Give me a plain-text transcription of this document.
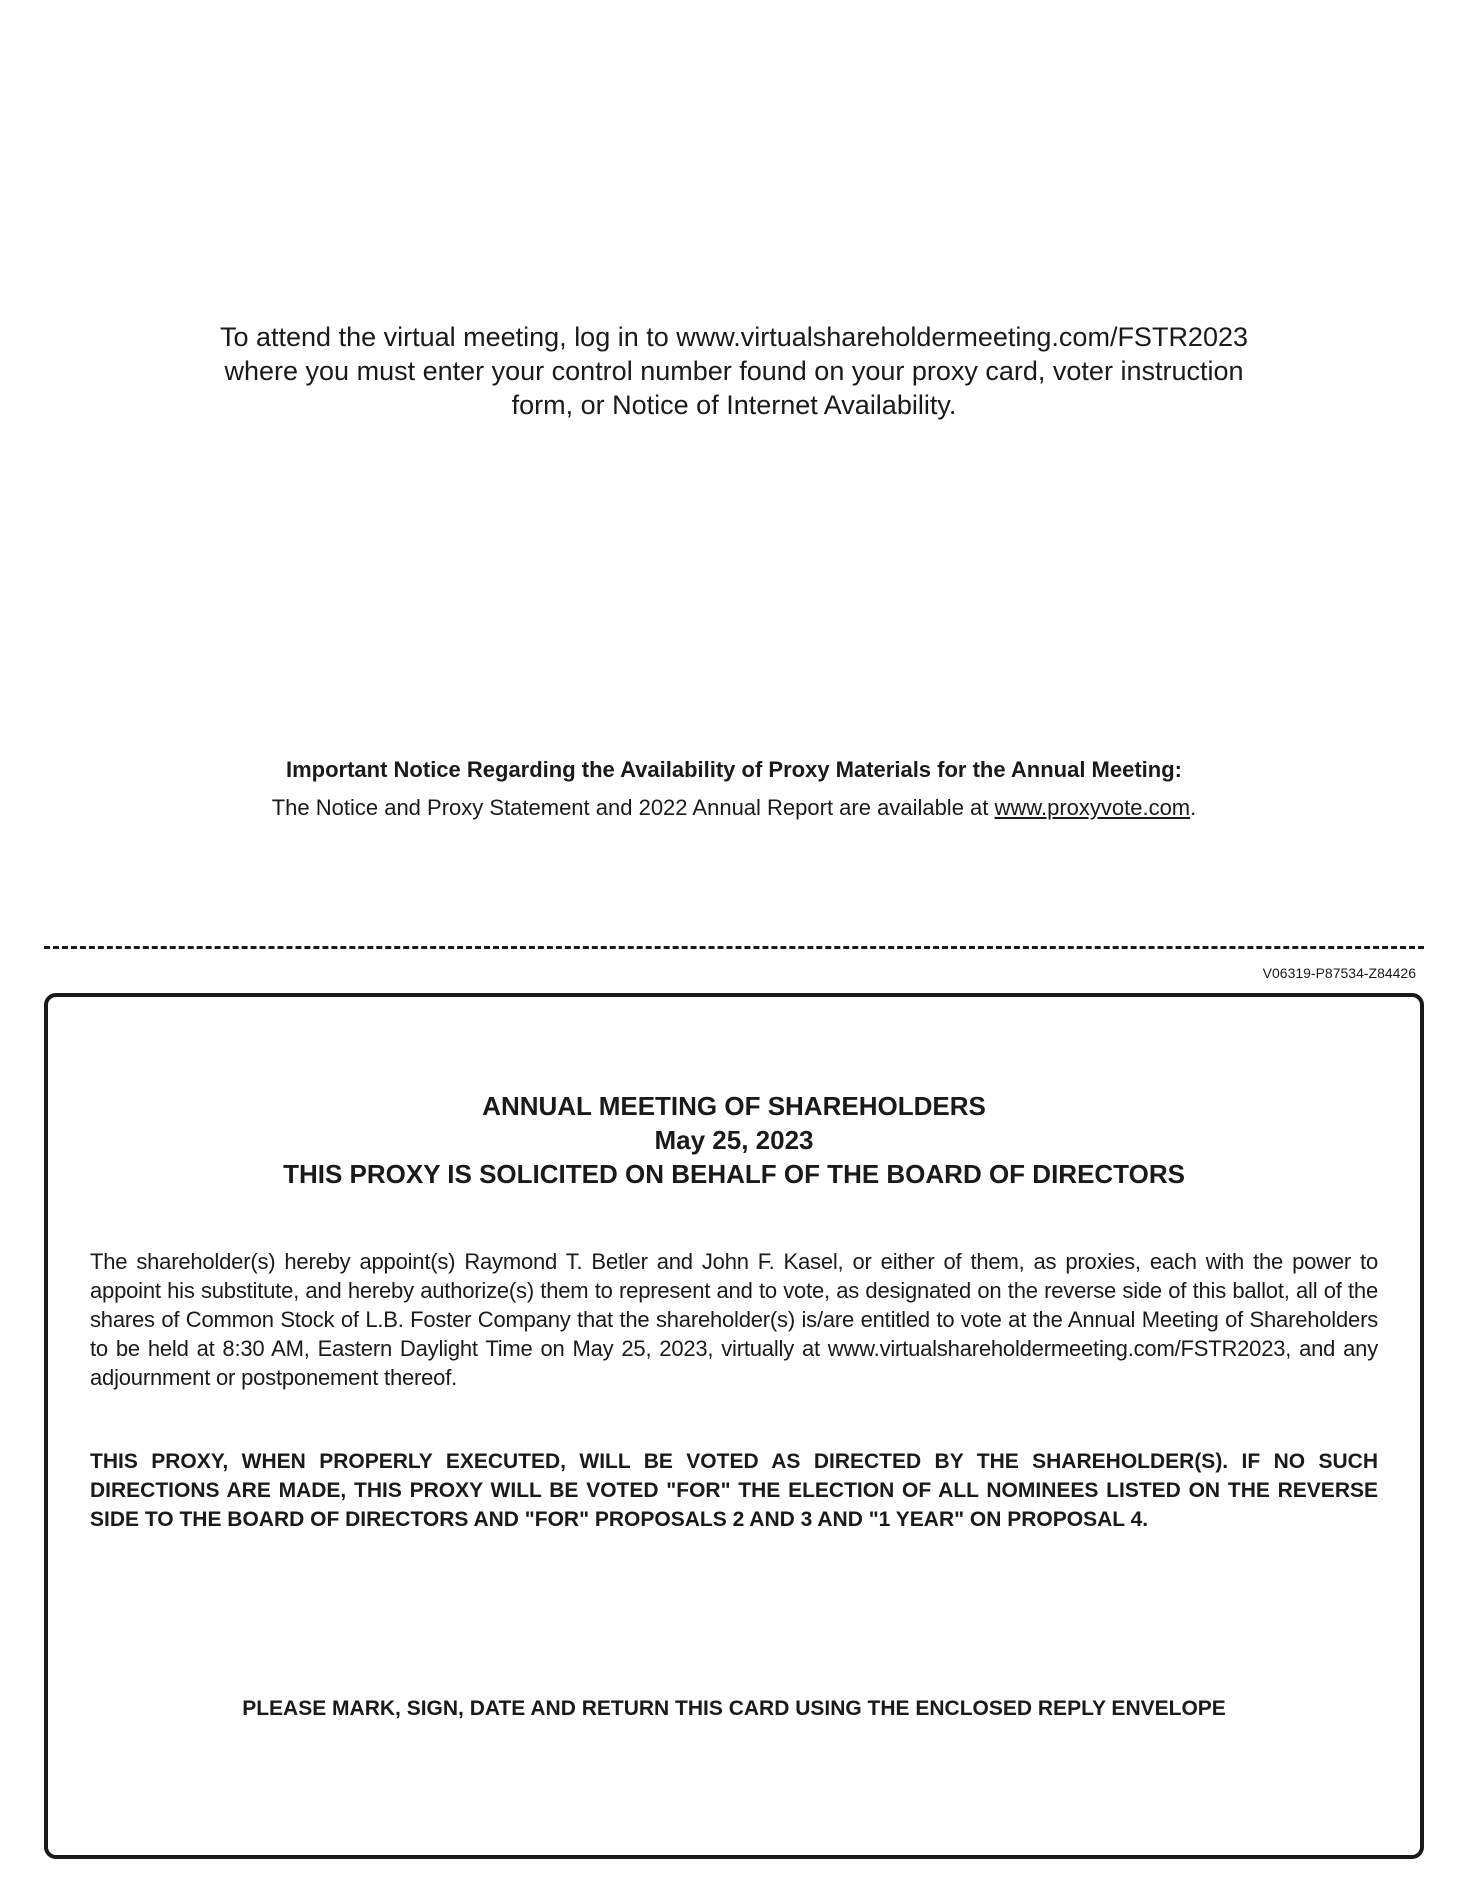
To attend the virtual meeting, log in to www.virtualshareholdermeeting.com/FSTR2023
where you must enter your control number found on your proxy card, voter instruction
form, or Notice of Internet Availability.
Important Notice Regarding the Availability of Proxy Materials for the Annual Meeting:
The Notice and Proxy Statement and 2022 Annual Report are available at www.proxyvote.com.
V06319-P87534-Z84426
ANNUAL MEETING OF SHAREHOLDERS
May 25, 2023
THIS PROXY IS SOLICITED ON BEHALF OF THE BOARD OF DIRECTORS
The shareholder(s) hereby appoint(s) Raymond T. Betler and John F. Kasel, or either of them, as proxies, each with the power to appoint his substitute, and hereby authorize(s) them to represent and to vote, as designated on the reverse side of this ballot, all of the shares of Common Stock of L.B. Foster Company that the shareholder(s) is/are entitled to vote at the Annual Meeting of Shareholders to be held at 8:30 AM, Eastern Daylight Time on May 25, 2023, virtually at www.virtualshareholdermeeting.com/FSTR2023, and any adjournment or postponement thereof.
THIS PROXY, WHEN PROPERLY EXECUTED, WILL BE VOTED AS DIRECTED BY THE SHAREHOLDER(S). IF NO SUCH DIRECTIONS ARE MADE, THIS PROXY WILL BE VOTED "FOR" THE ELECTION OF ALL NOMINEES LISTED ON THE REVERSE SIDE TO THE BOARD OF DIRECTORS AND "FOR" PROPOSALS 2 AND 3 AND "1 YEAR" ON PROPOSAL 4.
PLEASE MARK, SIGN, DATE AND RETURN THIS CARD USING THE ENCLOSED REPLY ENVELOPE
